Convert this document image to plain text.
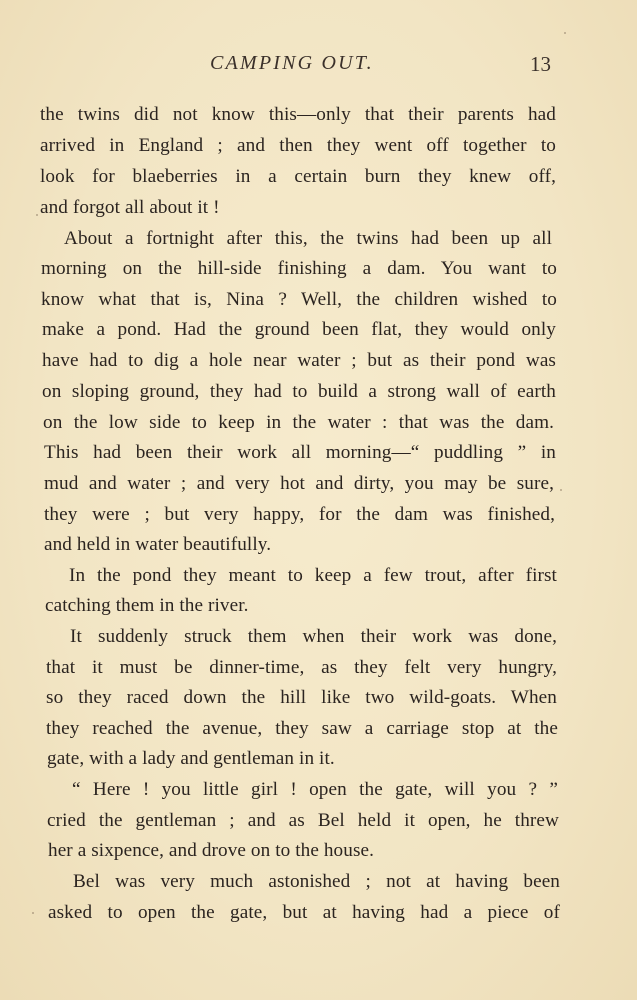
CAMPING OUT.	13
the twins did not know this—only that their parents had
arrived in England ; and then they went off together to
look for blaeberries in a certain burn they knew off,
and forgot all about it !
About a fortnight after this, the twins had been up all
morning on the hill-side finishing a dam. You want to
know what that is, Nina ? Well, the children wished to
make a pond. Had the ground been flat, they would only
have had to dig a hole near water ; but as their pond was
on sloping ground, they had to build a strong wall of earth
on the low side to keep in the water : that was the dam.
This had been their work all morning—“ puddling ” in
mud and water ; and very hot and dirty, you may be sure,
they were ; but very happy, for the dam was finished,
and held in water beautifully.
In the pond they meant to keep a few trout, after first
catching them in the river.
It suddenly struck them when their work was done,
that it must be dinner-time, as they felt very hungry,
so they raced down the hill like two wild-goats. When
they reached the avenue, they saw a carriage stop at the
gate, with a lady and gentleman in it.
“ Here ! you little girl ! open the gate, will you ? ”
cried the gentleman ; and as Bel held it open, he threw
her a sixpence, and drove on to the house.
Bel was very much astonished ; not at having been
asked to open the gate, but at having had a piece of
